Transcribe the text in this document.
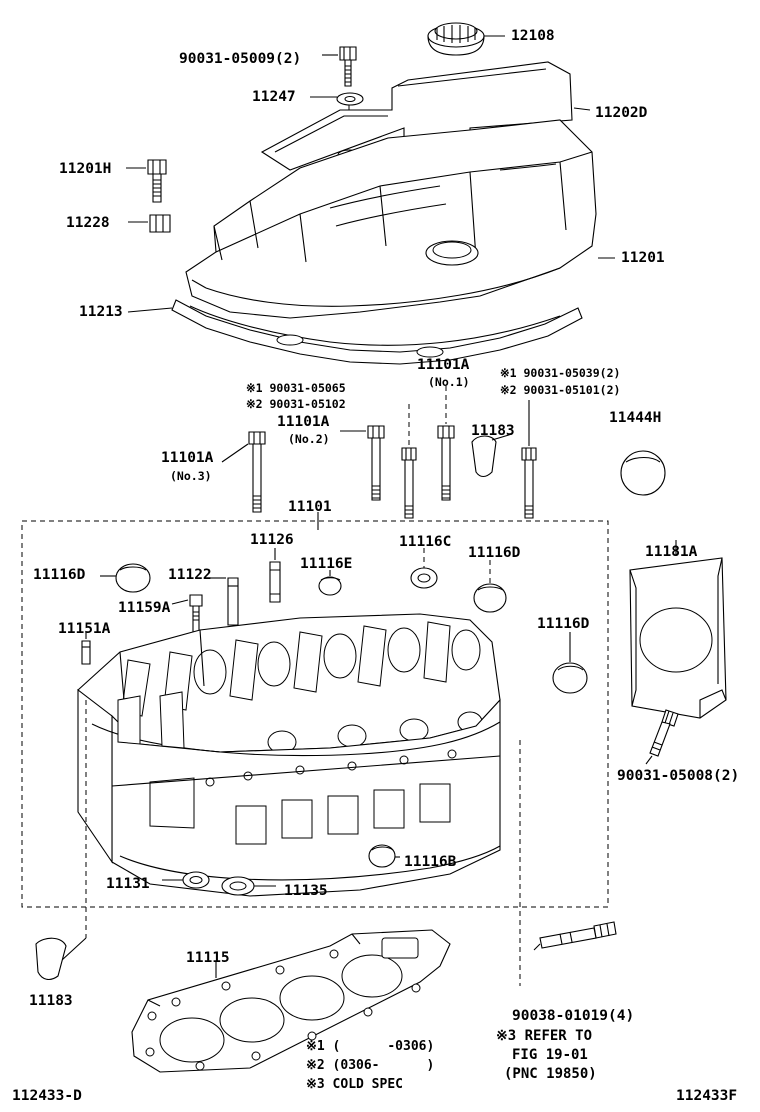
90031-05009(2)
12108
11247
11202D
11201H
11228
11201
11213
11101A
(No.1)
※1 90031-05039(2)
※2 90031-05101(2)
11444H
※1 90031-05065
※2 90031-05102
11101A
(No.2)	11183
11101A
(No.3)
11101
11126	11116C
11116D	11181A
11116E
11116D	11122
11159A
11116D
11151A
90031-05008(2)
11116B
11131	11135
11115
11183
90038-01019(4)
※3 REFER TO
FIG 19-01
(PNC 19850)
※1 (      -0306)
※2 (0306-      )
※3 COLD SPEC
112433-D	112433F
